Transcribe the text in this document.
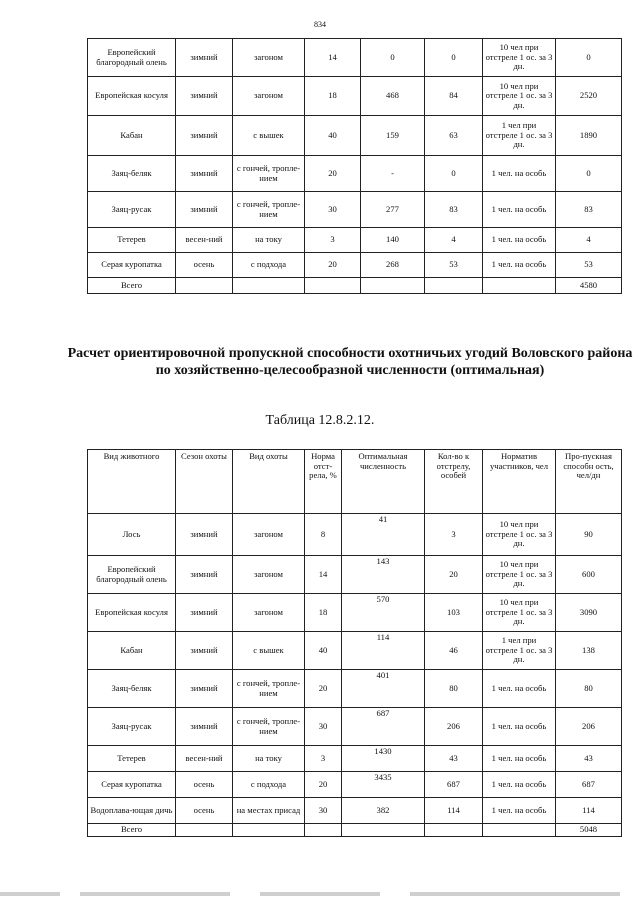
834
Европейский благородный олень	зимний	загоном	14	0	0	10 чел при отстреле 1 ос. за 3 дн.	0
Европейская косуля	зимний	загоном	18	468	84	10 чел при отстреле 1 ос. за 3 дн.	2520
Кабан	зимний	с вышек	40	159	63	1 чел при отстреле 1 ос. за 3 дн.	1890
Заяц-беляк	зимний	с гончей, тропле-нием	20	-	0	1 чел. на особь	0
Заяц-русак	зимний	с гончей, тропле-нием	30	277	83	1 чел. на особь	83
Тетерев	весен-ний	на току	3	140	4	1 чел. на особь	4
Серая куропатка	осень	с подхода	20	268	53	1 чел. на особь	53
Всего							4580
Расчет ориентировочной пропускной способности охотничьих угодий Воловского района по хозяйственно-целесообразной численности (оптимальная)
Таблица 12.8.2.12.
Вид животного	Сезон охоты	Вид охоты	Норма отст-рела, %	Оптимальная численность	Кол-во к отстрелу, особей	Норматив участников, чел	Про-пускная способн ость, чел/дн
Лось	зимний	загоном	8	41	3	10 чел при отстреле 1 ос. за 3 дн.	90
Европейский благородный олень	зимний	загоном	14	143	20	10 чел при отстреле 1 ос. за 3 дн.	600
Европейская косуля	зимний	загоном	18	570	103	10 чел при отстреле 1 ос. за 3 дн.	3090
Кабан	зимний	с вышек	40	114	46	1 чел при отстреле 1 ос. за 3 дн.	138
Заяц-беляк	зимний	с гончей, тропле-нием	20	401	80	1 чел. на особь	80
Заяц-русак	зимний	с гончей, тропле-нием	30	687	206	1 чел. на особь	206
Тетерев	весен-ний	на току	3	1430	43	1 чел. на особь	43
Серая куропатка	осень	с подхода	20	3435	687	1 чел. на особь	687
Водоплава-ющая дичь	осень	на местах присад	30	382	114	1 чел. на особь	114
Всего							5048
